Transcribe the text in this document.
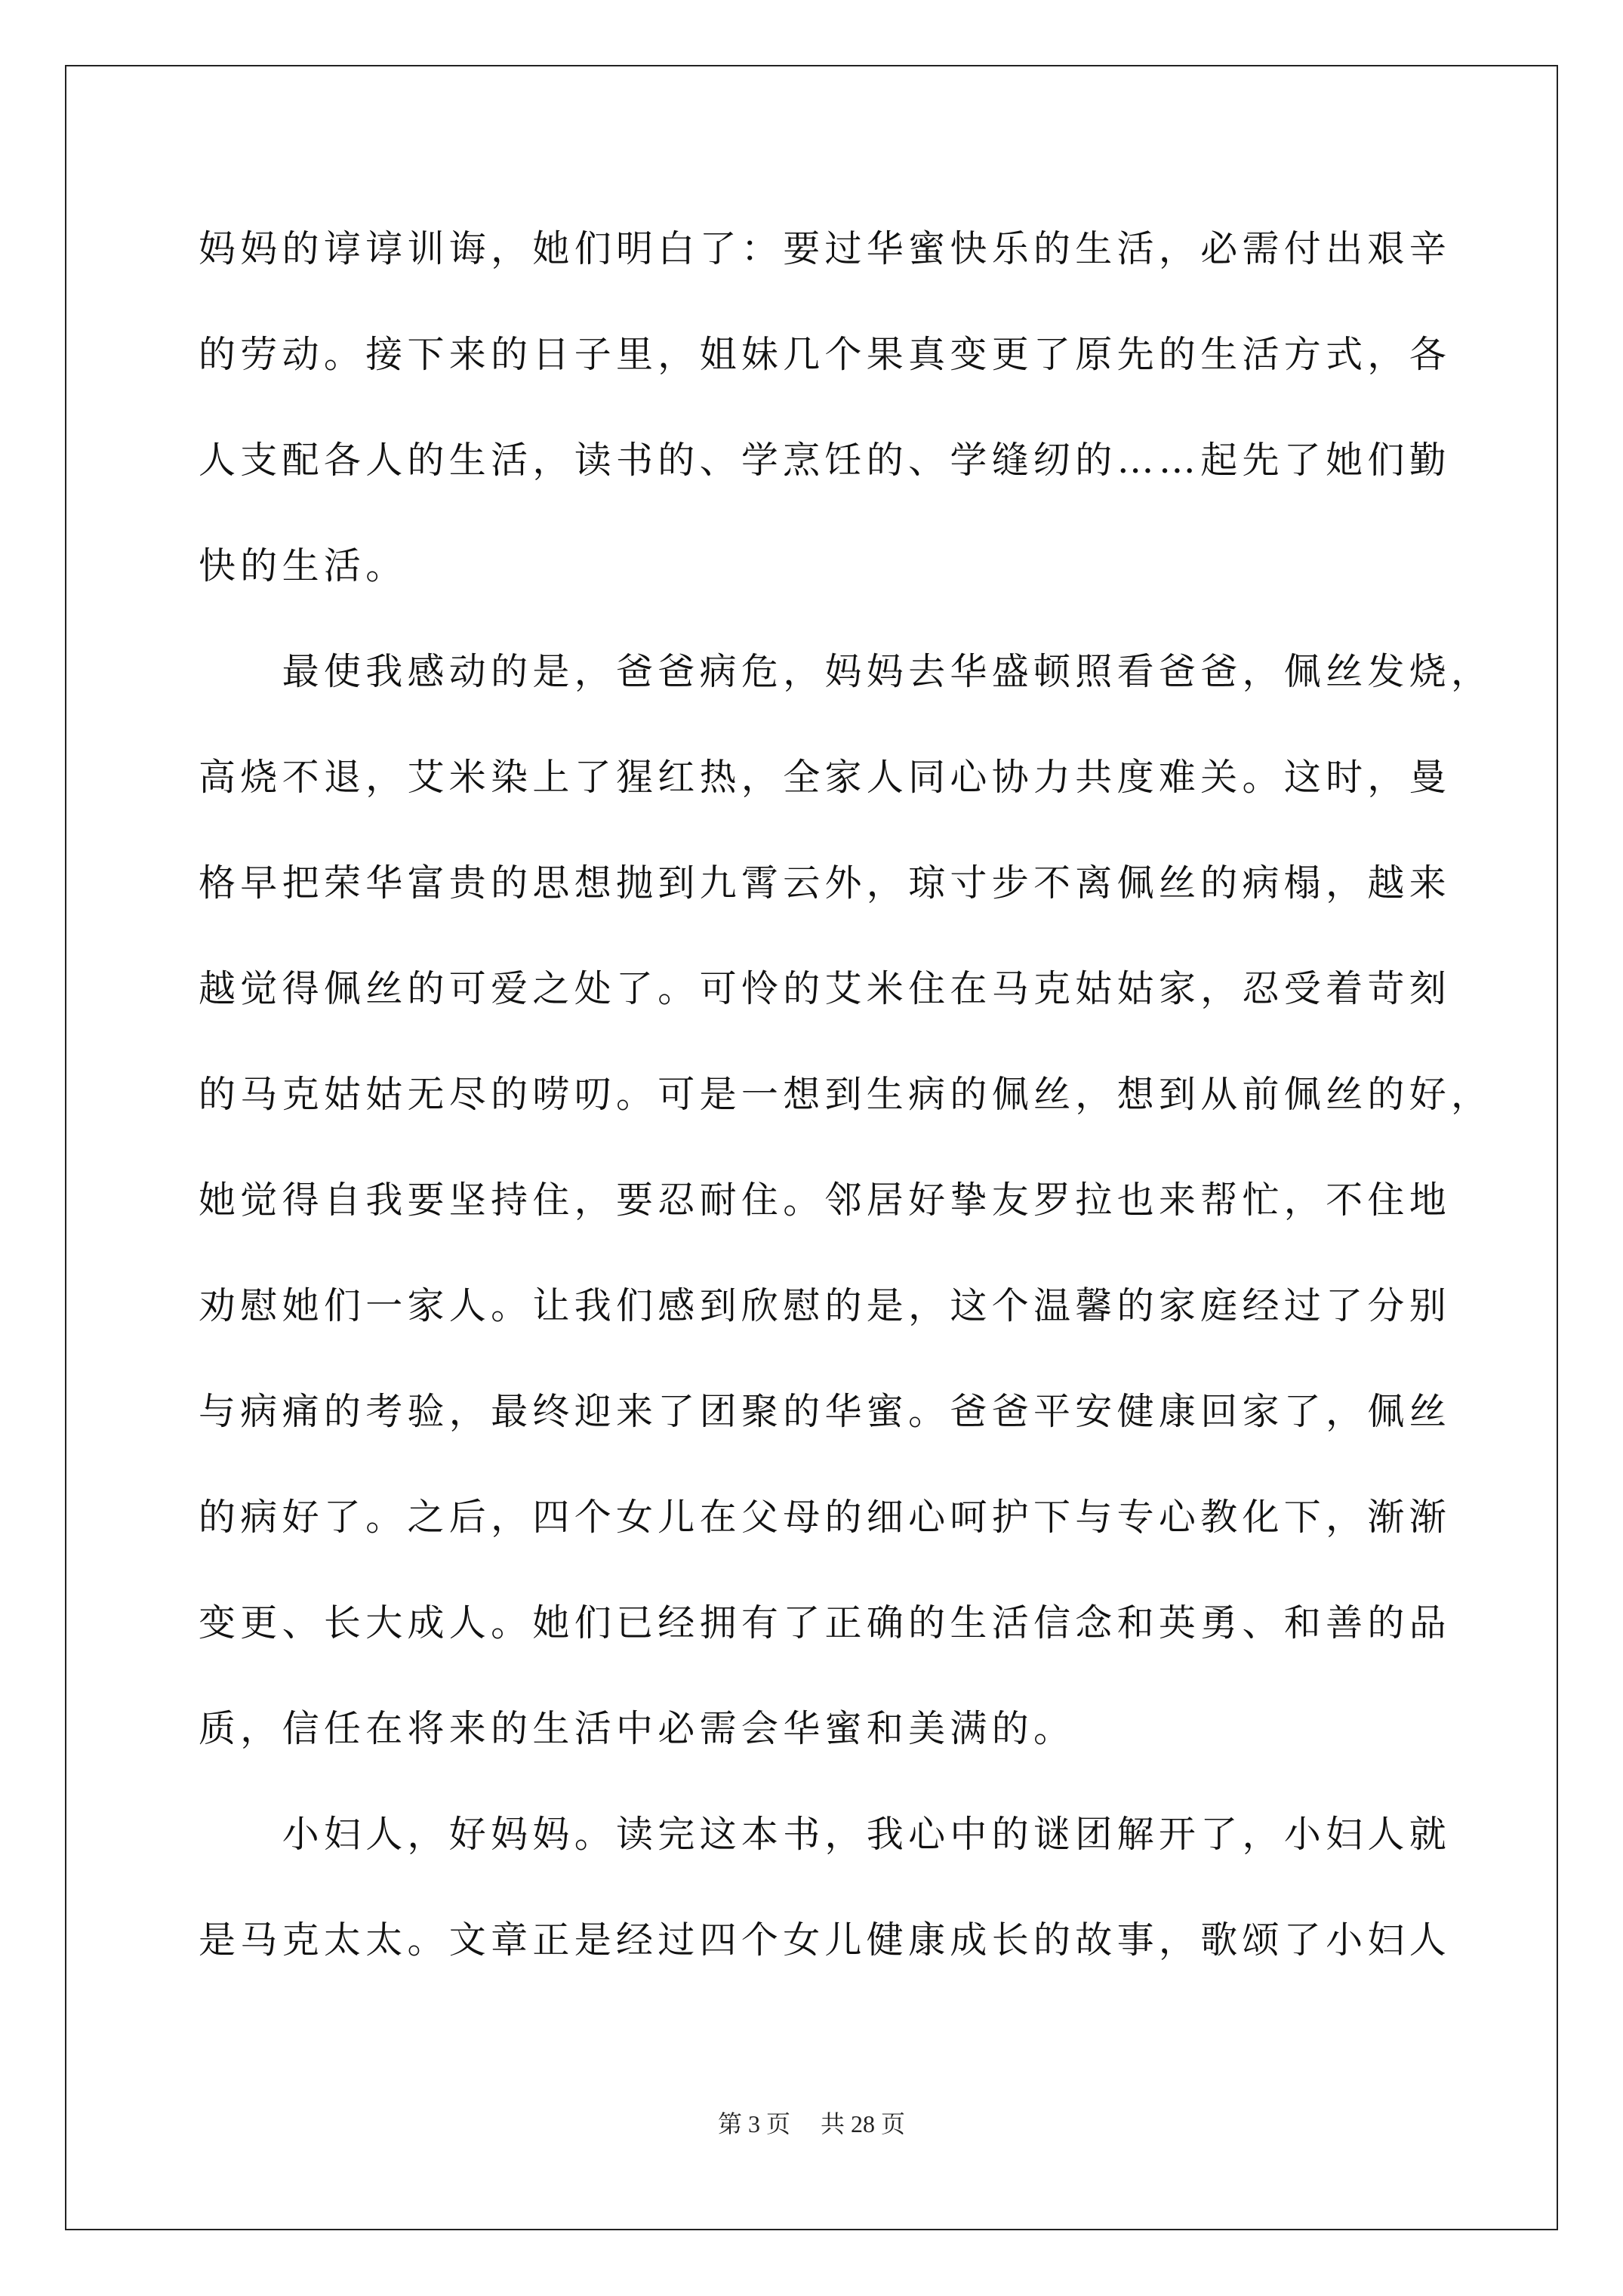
妈妈的谆谆训诲，她们明白了：要过华蜜快乐的生活，必需付出艰辛
的劳动。接下来的日子里，姐妹几个果真变更了原先的生活方式，各
人支配各人的生活，读书的、学烹饪的、学缝纫的……起先了她们勤
快的生活。
　　最使我感动的是，爸爸病危，妈妈去华盛顿照看爸爸，佩丝发烧，
高烧不退，艾米染上了猩红热，全家人同心协力共度难关。这时，曼
格早把荣华富贵的思想抛到九霄云外，琼寸步不离佩丝的病榻，越来
越觉得佩丝的可爱之处了。可怜的艾米住在马克姑姑家，忍受着苛刻
的马克姑姑无尽的唠叨。可是一想到生病的佩丝，想到从前佩丝的好，
她觉得自我要坚持住，要忍耐住。邻居好挚友罗拉也来帮忙，不住地
劝慰她们一家人。让我们感到欣慰的是，这个温馨的家庭经过了分别
与病痛的考验，最终迎来了团聚的华蜜。爸爸平安健康回家了，佩丝
的病好了。之后，四个女儿在父母的细心呵护下与专心教化下，渐渐
变更、长大成人。她们已经拥有了正确的生活信念和英勇、和善的品
质，信任在将来的生活中必需会华蜜和美满的。
　　小妇人，好妈妈。读完这本书，我心中的谜团解开了，小妇人就
是马克太太。文章正是经过四个女儿健康成长的故事，歌颂了小妇人
第 3 页 共 28 页
